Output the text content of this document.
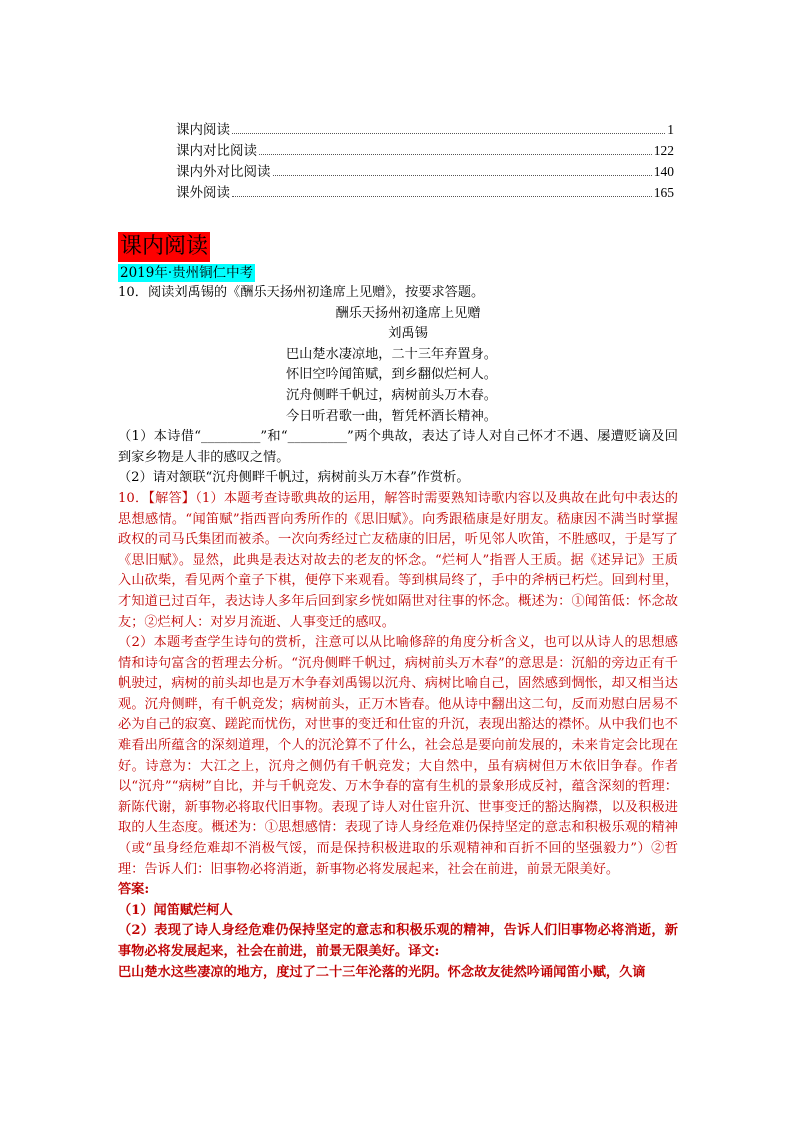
课内阅读	1
课内对比阅读	122
课内外对比阅读	140
课外阅读	165
课内阅读
2019年·贵州铜仁中考

10．阅读刘禹锡的《酬乐天扬州初逢席上见赠》，按要求答题。

酬乐天扬州初逢席上见赠
刘禹锡
巴山楚水凄凉地，二十三年弃置身。
怀旧空吟闻笛赋，到乡翻似烂柯人。
沉舟侧畔千帆过，病树前头万木春。
今日听君歌一曲，暂凭杯酒长精神。

（1）本诗借“_________”和“_________”两个典故，表达了诗人对自己怀才不遇、屡遭贬谪及回到家乡物是人非的感叹之情。

（2）请对颔联“沉舟侧畔千帆过，病树前头万木春”作赏析。

10．【解答】（1）本题考查诗歌典故的运用，解答时需要熟知诗歌内容以及典故在此句中表达的思想感情。“闻笛赋”指西晋向秀所作的《思旧赋》。向秀跟嵇康是好朋友。嵇康因不满当时掌握政权的司马氏集团而被杀。一次向秀经过亡友嵇康的旧居，听见邻人吹笛，不胜感叹，于是写了《思旧赋》。显然，此典是表达对故去的老友的怀念。“烂柯人”指晋人王质。据《述异记》王质入山砍柴，看见两个童子下棋，便停下来观看。等到棋局终了，手中的斧柄已朽烂。回到村里，才知道已过百年，表达诗人多年后回到家乡恍如隔世对往事的怀念。概述为：①闻笛低：怀念故友；②烂柯人：对岁月流逝、人事变迁的感叹。

（2）本题考查学生诗句的赏析，注意可以从比喻修辞的角度分析含义，也可以从诗人的思想感情和诗句富含的哲理去分析。“沉舟侧畔千帆过，病树前头万木春”的意思是：沉船的旁边正有千帆驶过，病树的前头却也是万木争春刘禹锡以沉舟、病树比喻自己，固然感到惆怅，却又相当达观。沉舟侧畔，有千帆竞发；病树前头，正万木皆春。他从诗中翻出这二句，反而劝慰白居易不必为自己的寂寞、蹉跎而忧伤，对世事的变迁和仕宦的升沉，表现出豁达的襟怀。从中我们也不难看出所蕴含的深刻道理，个人的沉沦算不了什么，社会总是要向前发展的，未来肯定会比现在好。诗意为：大江之上，沉舟之侧仍有千帆竞发；大自然中，虽有病树但万木依旧争春。作者以“沉舟”“病树”自比，并与千帆竞发、万木争春的富有生机的景象形成反衬，蕴含深刻的哲理：新陈代谢，新事物必将取代旧事物。表现了诗人对仕宦升沉、世事变迁的豁达胸襟，以及积极进取的人生态度。概述为：①思想感情：表现了诗人身经危难仍保持坚定的意志和积极乐观的精神（或“虽身经危难却不消极气馁，而是保持积极进取的乐观精神和百折不回的坚强毅力”）②哲理：告诉人们：旧事物必将消逝，新事物必将发展起来，社会在前进，前景无限美好。

答案:

（1）闻笛赋烂柯人

（2）表现了诗人身经危难仍保持坚定的意志和积极乐观的精神，告诉人们旧事物必将消逝，新事物必将发展起来，社会在前进，前景无限美好。译文:

巴山楚水这些凄凉的地方，度过了二十三年沦落的光阴。怀念故友徒然吟诵闻笛小赋，久谪
